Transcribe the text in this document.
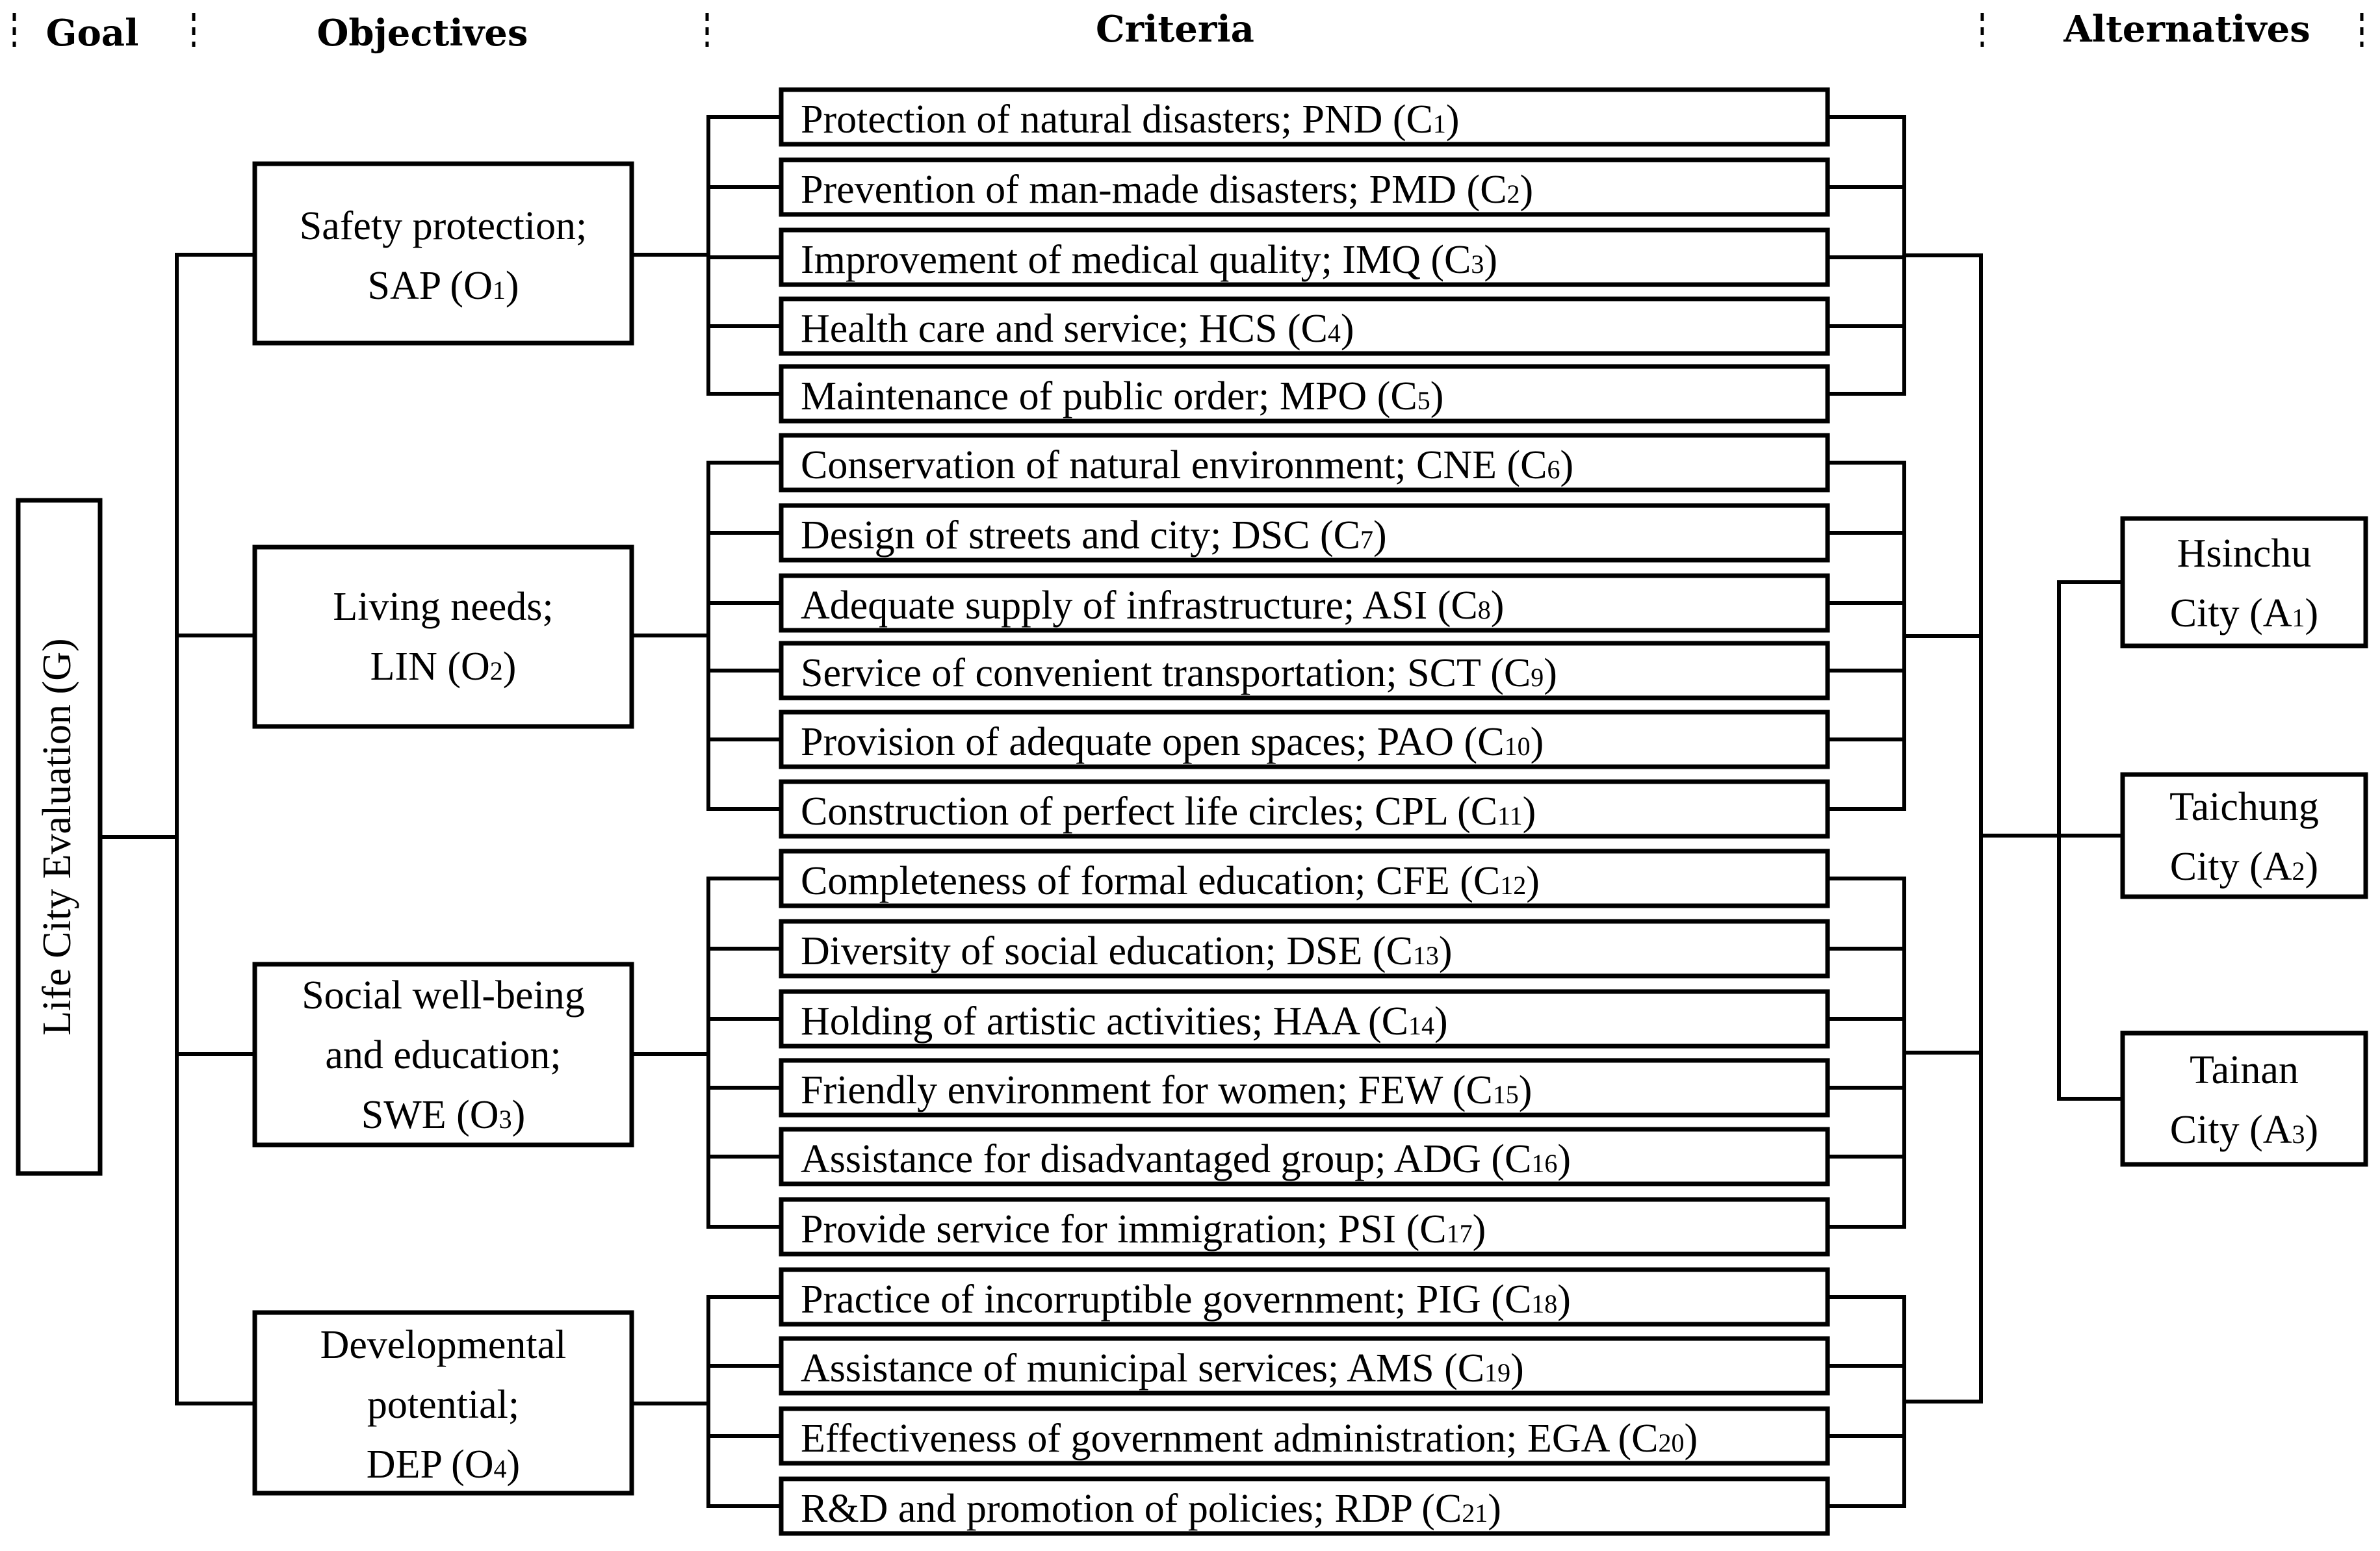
Goal	Objectives	Criteria	Alternatives
Life City Evaluation (G)
Safety protection;
SAP (O1)
Living needs;
LIN (O2)
Social well-being
and education;
SWE (O3)
Developmental
potential;
DEP (O4)
Protection of natural disasters; PND (C1)
Prevention of man-made disasters; PMD (C2)
Improvement of medical quality; IMQ (C3)
Health care and service; HCS (C4)
Maintenance of public order; MPO (C5)
Conservation of natural environment; CNE (C6)
Design of streets and city; DSC (C7)
Adequate supply of infrastructure; ASI (C8)
Service of convenient transportation; SCT (C9)
Provision of adequate open spaces; PAO (C10)
Construction of perfect life circles; CPL (C11)
Completeness of formal education; CFE (C12)
Diversity of social education; DSE (C13)
Holding of artistic activities; HAA (C14)
Friendly environment for women; FEW (C15)
Assistance for disadvantaged group; ADG (C16)
Provide service for immigration; PSI (C17)
Practice of incorruptible government; PIG (C18)
Assistance of municipal services; AMS (C19)
Effectiveness of government administration; EGA (C20)
R&D and promotion of policies; RDP (C21)
Hsinchu
City (A1)
Taichung
City (A2)
Tainan
City (A3)
